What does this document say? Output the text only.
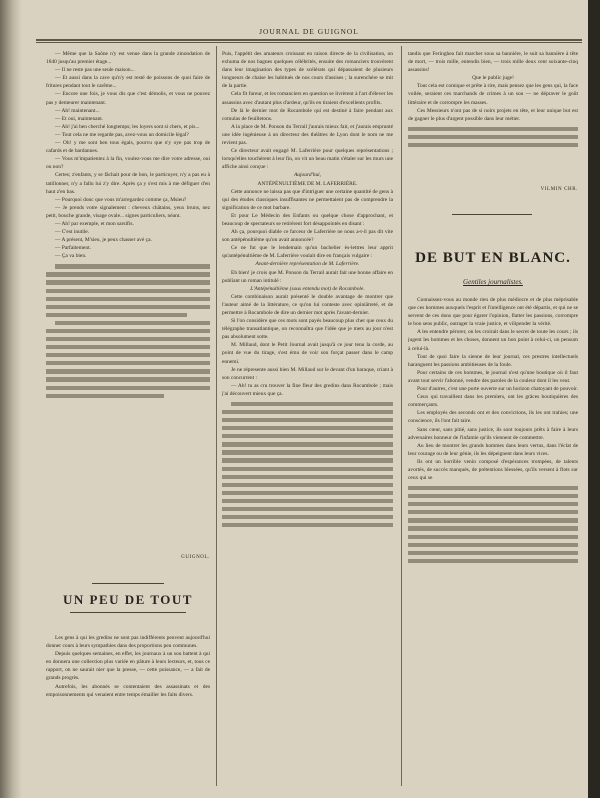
JOURNAL DE GUIGNOL

— Même que la Saône n'y est venue dans la grande zinondation de 1840 jusqu'au premier étage...

— Il ne reste pas une seule maison...

— Et aussi dans la cave qu'n'y est resté de poissons de quoi faire de fritures pendant tout le carême...

— Encore une fois, je vous dis que c'est démolis, et vous ne pouvez pas y demeurer maintenant.

— Ah! maintenant...

— Et oui, maintenant.

— Ah! j'ai ben cherché longtemps; les loyers sont si chers, et pis...

— Tout cela ne me regarde pas, avez-vous un domicile légal?

— Oh! y me sont ben tous égals, pourvu que n'y oye pas trop de cafards et de bardannes.

— Vous m'impatientez à la fin, voulez-vous me dire votre adresse, oui ou non?

Certes; z'enfants, y se fâchait pour de bon, le particuyer, n'y a pas eu à tatillonner, n'y a fallu lui z'y dire. Après ça y s'est mis à me défiguer d'en haut z'en bas.

— Pourquoi donc que vous m'arregardez comme ça, Msieu?

— Je prends votre signalement : cheveux châtains, yeux bruns, nez petit, bouche grande, visage ovale... signes particuliers, néant.

— Ah! par exemple, et mon sarsifis.

— C'est inutile.

— A présent, M'sieu, je peux chasser avé ça.

— Parfaitement.

— Ça va bien.

GUIGNOL.
UN PEU DE TOUT

Les gens à qui les gredins ne sont pas indifférents peuvent aujourd'hui donner cours à leurs sympathies dans des proportions peu communes.

Depuis quelques semaines, en effet, les journaux à un sou battent à qui en donnera une collection plus variée en pâture à leurs lecteurs, et, tous ce rapport, on ne saurait nier que la presse, — cette puissance, — a fait de grands progrès.

Autrefois, les abonnés se contentaient des assassinats et des empoisonnements qui venaient entre temps émailler les faits divers.

Puis, l'appétit des amateurs croissant en raison directe de la civilisation, on exhuma de nos bagnes quelques célébrités, ensuite des romanciers trouvèrent dans leur imagination des types de scélérats qui dépassaient de plusieurs longueurs de chaise les habitués de nos cours d'assises ; la surenchère se mit de la partie.

Cela fit fureur, et les romanciers en question se livrèrent à l'art d'élever les assassins avec d'autant plus d'ardeur, qu'ils en tiraient d'excellents profits.

De là le dernier mot de Rocambole qui est destiné à faire pendant aux cotnulas de feuilletons.

A la place de M. Ponson du Terrail j'aurais mieux fait, et j'aurais emprunté une idée ingénieuse à un directeur des théâtres de Lyon dont le nom ne me revient pas.

Ce directeur avait engagé M. Laferrière pour quelques représentations ; lorsqu'elles touchèrent à leur fin, on vit un beau matin s'étaler sur les murs une affiche ainsi conçue :

Aujourd'hui,

ANTÉPÉNULTIÈME DE M. LAFERRIÈRE.

Cette annonce ne laissa pas que d'intriguer une certaine quantité de gens à qui des études classiques insuffisantes ne permettaient pas de comprendre la signification de ce mot barbare.

Et pour Le Médecin des Enfants ou quelque chose d'approchant, et beaucoup de spectateurs se retirèrent fort désappointés en disant :

Ah ça, pourquoi diable ce farceur de Laferrière ne nous a-t-il pas dit vite son antépénultième qu'on avait annoncée?

Ce ne fut que le lendemain qu'un bachelier ès-lettres leur apprit qu'antépénultième de M. Laferrière voulait dire en français vulgaire :

Avant-dernière représentation de M. Laferrière.

Eh bien! je crois que M. Ponson du Terrail aurait fait une bonne affaire en publiant un roman intitulé :

L'Antépénultième (sous entendu mot) de Rocambole.

Cette combinaison aurait présenté le double avantage de montrer que l'auteur aimé de la littérature, ce qu'on lui conteste avec opiniâtreté, et de permettre à Rocambole de dire un dernier mot après l'avant-dernier.

Si l'on considère que ces mots sont payés beaucoup plus cher que ceux du télégraphe transatlantique, on reconnaîtra que l'idée que je mets au jour n'est pas absolument sotte.

M. Millaud, dont le Petit Journal avait jusqu'à ce jour tenu la corde, au point de vue du tirage, s'est ému de voir son forçat passer dans le camp ennemi.

Je ne répresente aussi bien M. Millaud sur le devant d'un baraque, criant à son concurrent :

— Ah! tu as cru trouver la fine fleur des gredins dans Rocambole ; mais j'ai découvert mieux que ça.

tandis que Feringhea fait marcher sous sa bannière, le suit sa bannière à tête de mort, — trois mille, entendis bien, — trois mille deux cent soixante-cinq assassins!

Que le public juge!

Tout cela est comique et prête à rire, mais pensez que les gens qui, la face voilée, seraient ces marchands de crimes à un sou — ne dépraver le goût littéraire et de corrompre les masses.

Ces Messieurs n'ont pas de si noirs projets en tête, et leur unique but est de gagner le plus d'argent possible dans leur métier.

VILMIN CHR.
DE BUT EN BLANC.
Gentiles journalistes.

Connaissez-vous au monde rien de plus médiocre et de plus méprisable que ces hommes auxquels l'esprit et l'intelligence ont été départis, et qui ne se servent de ces dons que pour égarer l'opinion, flatter les passions, corrompre le bon sens public, outrager la vraie justice, et vilipender la vérité.

A les entendre pérorer, on les croirait dans le secret de toute les cours ; ils jugent les hommes et les choses, donnent un bon point à celui-ci, un pensum à celui-là.

Tout de quoi faire la sienne de leur journal, ces prestres intellectuels haranguent les passions ambitieuses de la foule.

Pour certains de ces hommes, le journal n'est qu'une boutique où il faut avant tout servir l'abonné, vendre des paroles de la couleur dont il les veut.

Pour d'autres, c'est une porte ouverte sur un horizon chatoyant de pouvoir.

Ceux qui travaillent dans les premiers, ont les grâces boutiquières des commerçants.

Les employés des seconds ont et des convictions, ils les ont trahies; une conscience, ils l'ont fait taire.

Sans cœur, sans pitié, sans justice, ils sont toujours prêts à faire à leurs adversaires honneur de l'infamie qu'ils viennent de commettre.

Au lieu de montrer les grands hommes dans leurs vertus, dans l'éclat de leur courage ou de leur génie, ils les dépeignent dans leurs vices.

Ils ont un horrible venin composé d'espérances trompées, de talents avortés, de succès manqués, de prétentions blessées, qu'ils versent à flots sur ceux qui se
